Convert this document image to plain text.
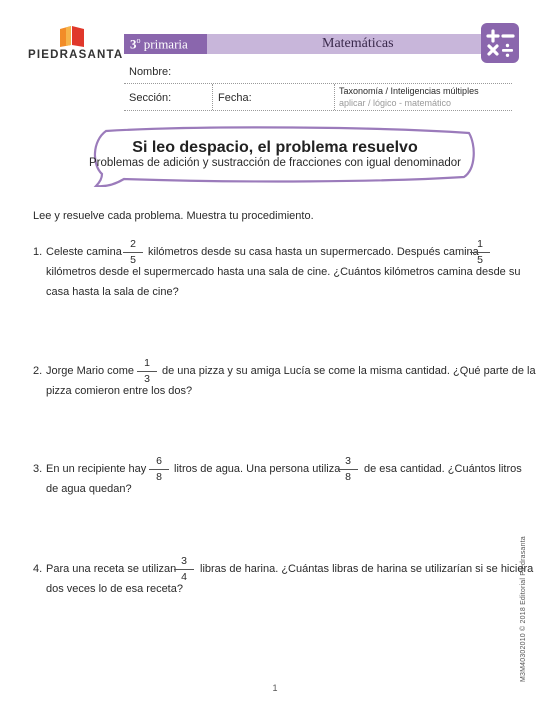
PIEDRASANTA
3$^o$ primaria	Matemáticas
Nombre:
Sección:	Fecha:
Taxonomía / Inteligencias múltiples
aplicar / lógico - matemático
Si leo despacio, el problema resuelvo
Problemas de adición y sustracción de fracciones con igual denominador
Lee y resuelve cada problema. Muestra tu procedimiento.
1. Celeste camina
2
5
kilómetros desde su casa hasta un supermercado. Después camina
1
5
kilómetros desde el supermercado hasta una sala de cine. ¿Cuántos kilómetros camina desde su
casa hasta la sala de cine?
2. Jorge Mario come
1
3
de una pizza y su amiga Lucía se come la misma cantidad. ¿Qué parte de la
pizza comieron entre los dos?
3. En un recipiente hay
6
8
litros de agua. Una persona utiliza
3
8
de esa cantidad. ¿Cuántos litros
de agua quedan?
4. Para una receta se utilizan
3
4
libras de harina. ¿Cuántas libras de harina se utilizarían si se hiciera
dos veces lo de esa receta?
1
M3M40302010 © 2018 Editorial Piedrasanta
